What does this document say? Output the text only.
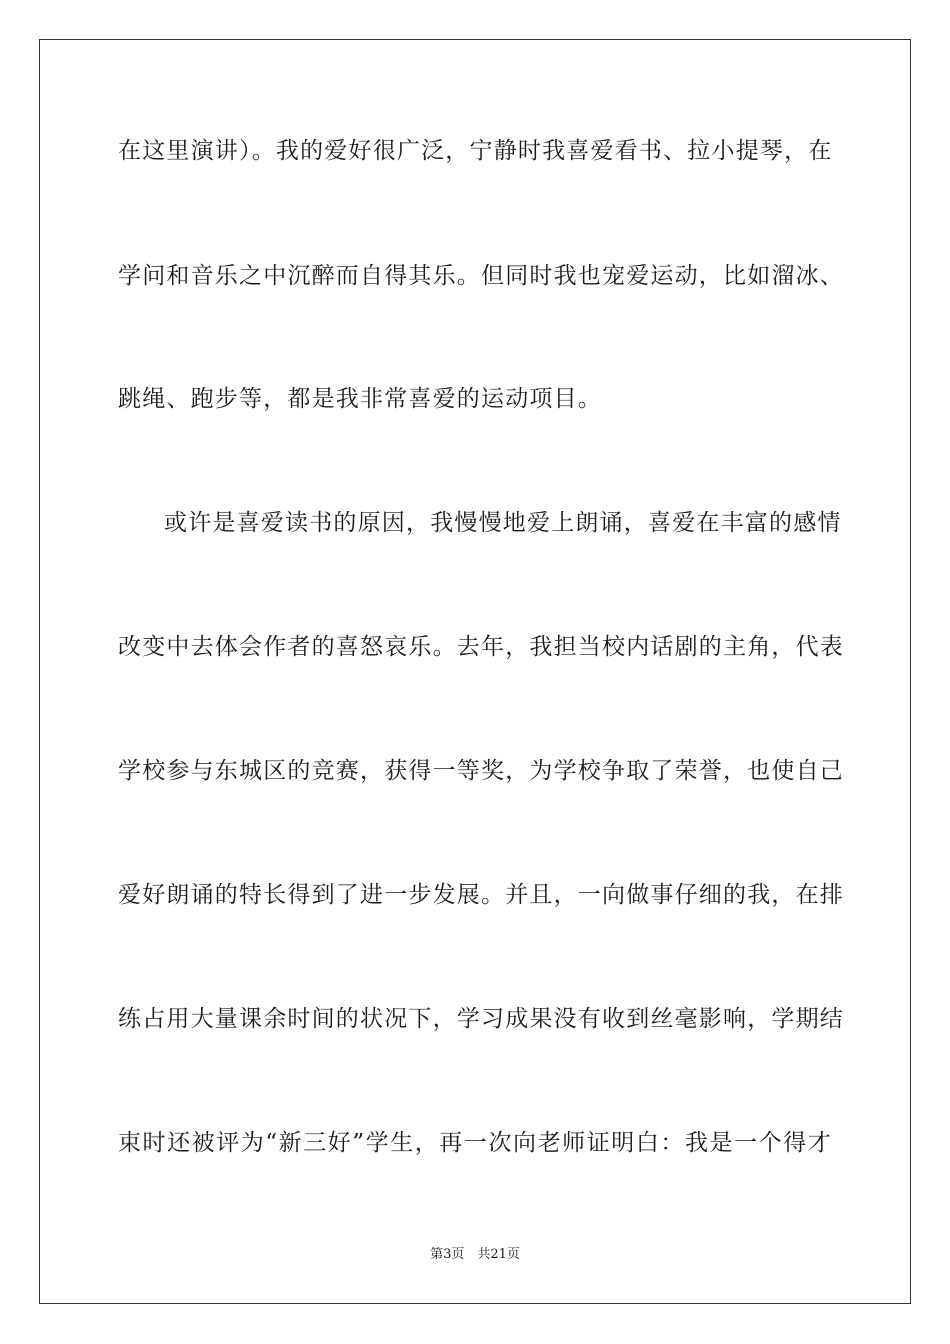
在这里演讲）。我的爱好很广泛，宁静时我喜爱看书、拉小提琴，在
学问和音乐之中沉醉而自得其乐。但同时我也宠爱运动，比如溜冰、
跳绳、跑步等，都是我非常喜爱的运动项目。
或许是喜爱读书的原因，我慢慢地爱上朗诵，喜爱在丰富的感情
改变中去体会作者的喜怒哀乐。去年，我担当校内话剧的主角，代表
学校参与东城区的竞赛，获得一等奖，为学校争取了荣誉，也使自己
爱好朗诵的特长得到了进一步发展。并且，一向做事仔细的我，在排
练占用大量课余时间的状况下，学习成果没有收到丝毫影响，学期结
束时还被评为“新三好”学生，再一次向老师证明白：我是一个得才
第3页　共21页
